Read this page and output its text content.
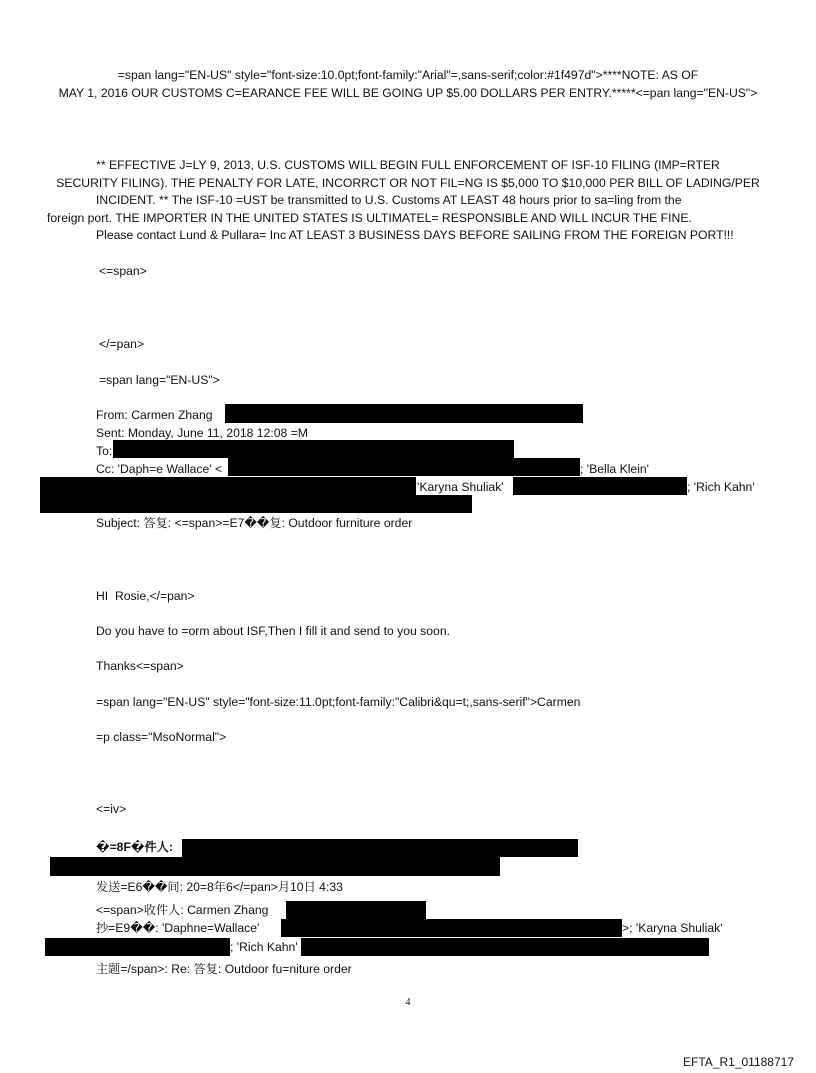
=span lang="EN-US" style="font-size:10.0pt;font-family:"Arial"=,sans-serif;color:#1f497d">****NOTE: AS OF
MAY 1, 2016 OUR CUSTOMS C=EARANCE FEE WILL BE GOING UP $5.00 DOLLARS PER ENTRY.*****<=pan lang="EN-US">
** EFFECTIVE J=LY 9, 2013, U.S. CUSTOMS WILL BEGIN FULL ENFORCEMENT OF ISF-10 FILING (IMP=RTER
SECURITY FILING). THE PENALTY FOR LATE, INCORRCT OR NOT FIL=NG IS $5,000 TO $10,000 PER BILL OF LADING/PER
INCIDENT. ** The ISF-10 =UST be transmitted to U.S. Customs AT LEAST 48 hours prior to sa=ling from the
foreign port. THE IMPORTER IN THE UNITED STATES IS ULTIMATEL= RESPONSIBLE AND WILL INCUR THE FINE.
Please contact Lund & Pullara= Inc AT LEAST 3 BUSINESS DAYS BEFORE SAILING FROM THE FOREIGN PORT!!!
<=span>
</=pan>
=span lang="EN-US">
From: Carmen Zhang
Sent: Monday, June 11, 2018 12:08 =M
To:
Cc: 'Daph=e Wallace' <	; 'Bella Klein'
'Karyna Shuliak'	; 'Rich Kahn'
Subject: 答复: <=span>=E7��复: Outdoor furniture order
HI  Rosie,</=pan>
Do you have to =orm about ISF,Then I fill it and send to you soon.
Thanks<=span>
=span lang="EN-US" style="font-size:11.0pt;font-family:"Calibri&qu=t;,sans-serif">Carmen
=p class="MsoNormal">
<=iv>
�=8F�件人:
发送=E6��间: 20=8年6</=pan>月10日 4:33
<=span>收件人: Carmen Zhang
抄=E9��: 'Daphne=Wallace'	>; 'Karyna Shuliak'
; 'Rich Kahn'
主题=/span>: Re: 答复: Outdoor fu=niture order
4
EFTA_R1_01188717
